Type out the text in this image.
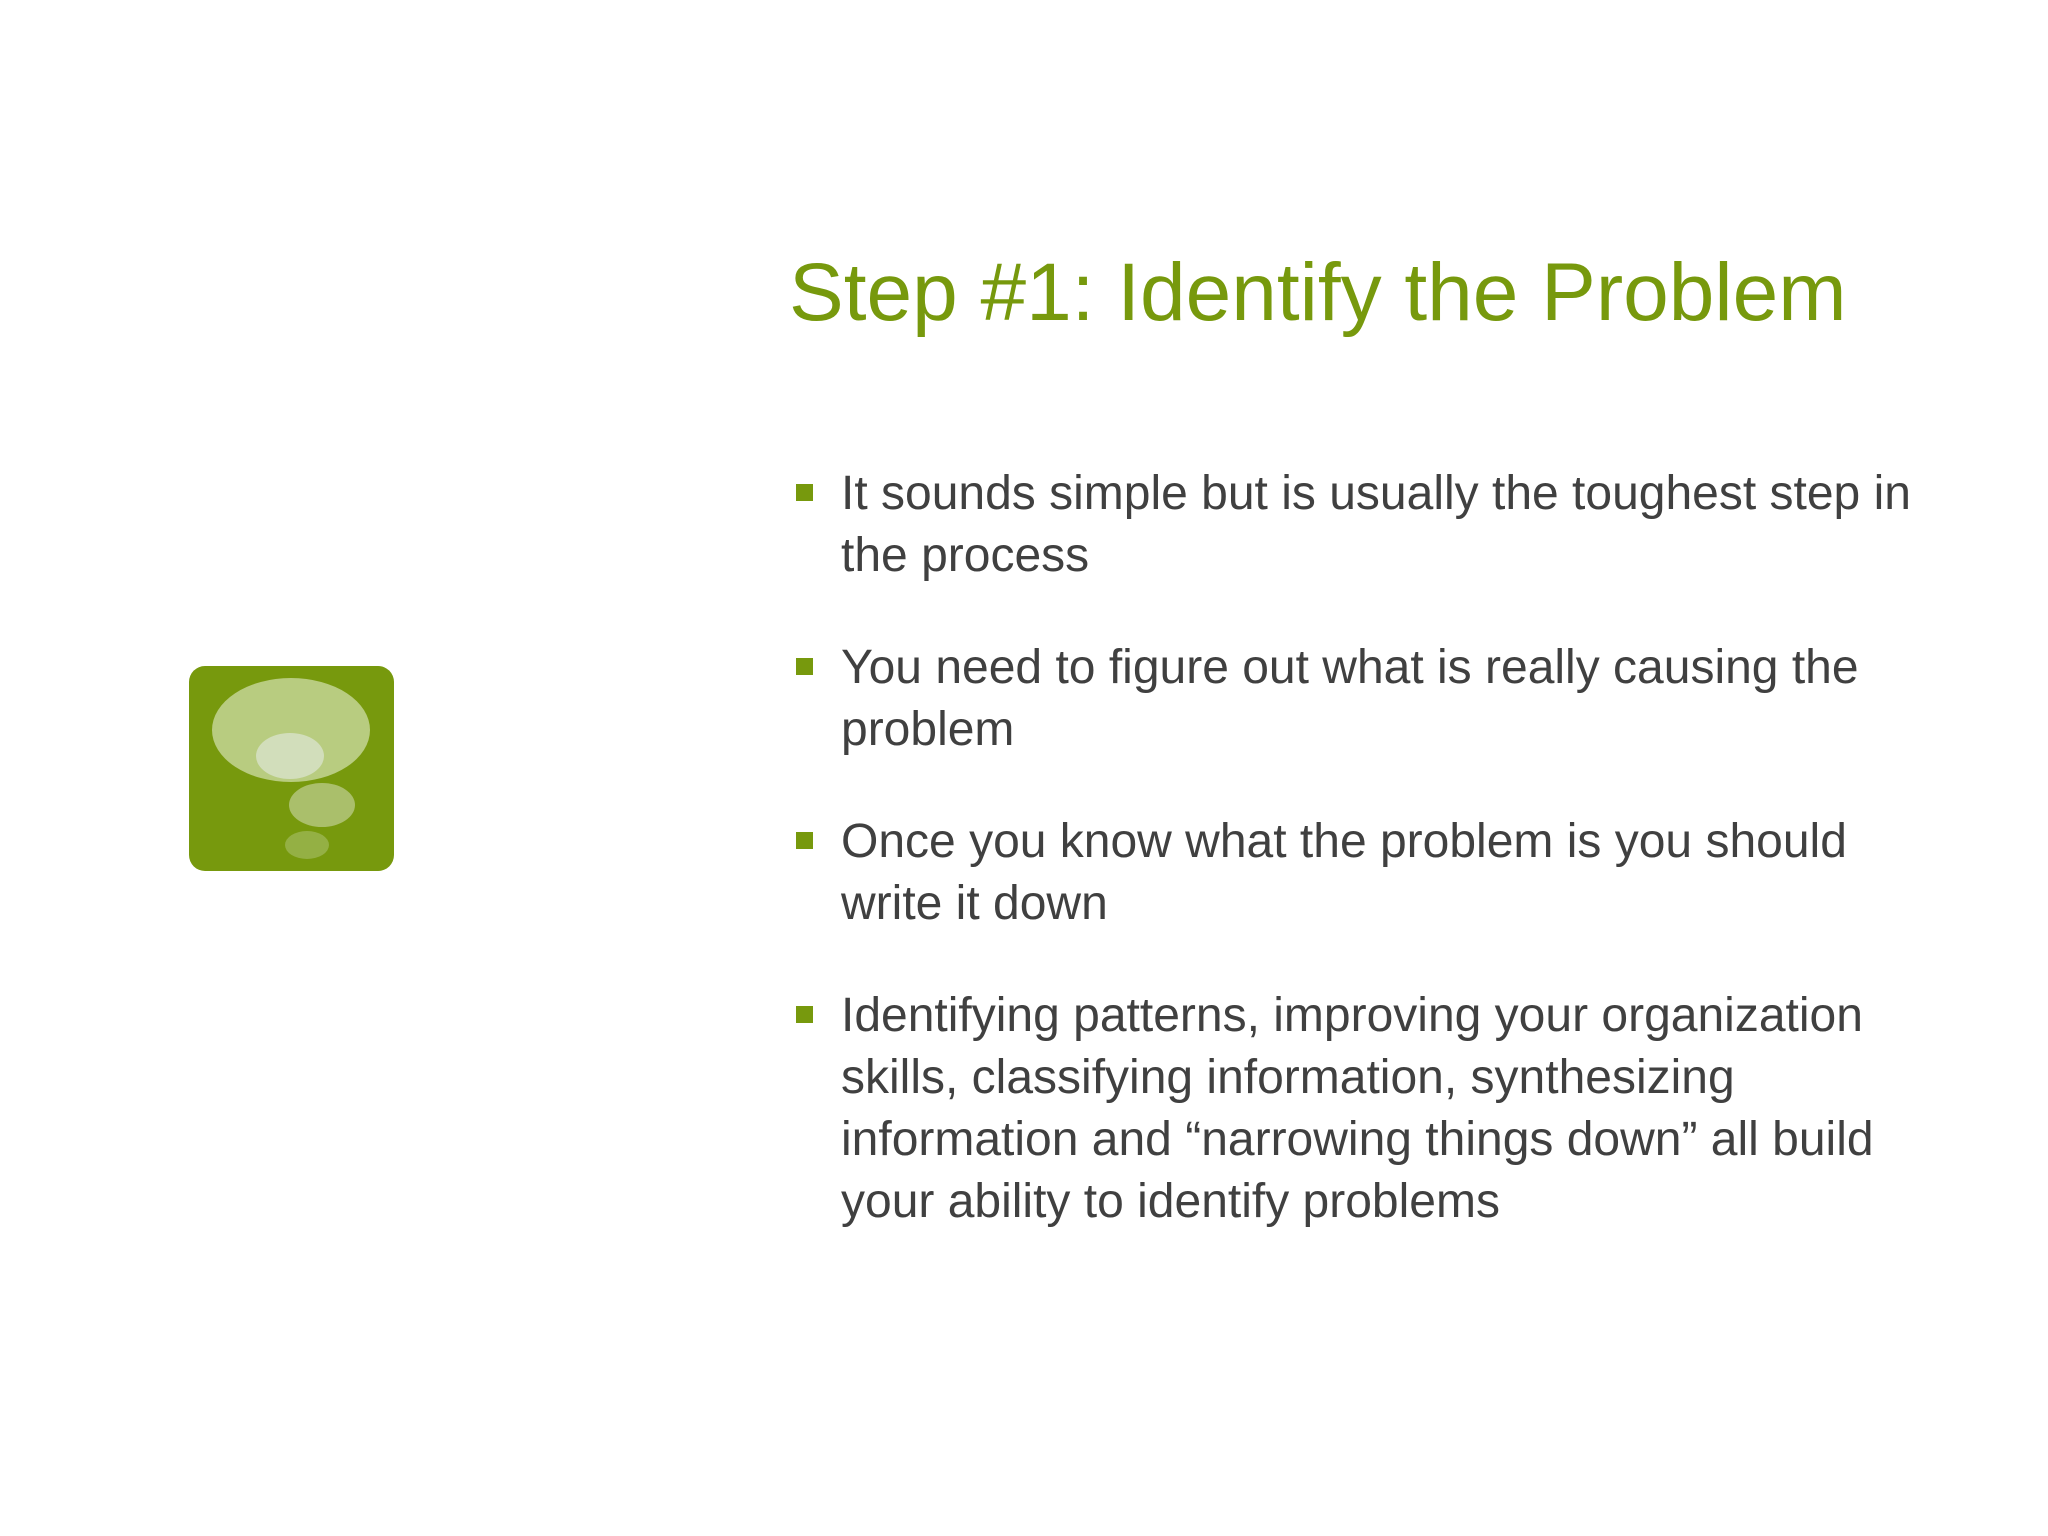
Step #1: Identify the Problem
It sounds simple but is usually the toughest step in the process
You need to figure out what is really causing the problem
Once you know what the problem is you should write it down
Identifying patterns, improving your organization skills, classifying information, synthesizing information and “narrowing things down” all build your ability to identify problems
